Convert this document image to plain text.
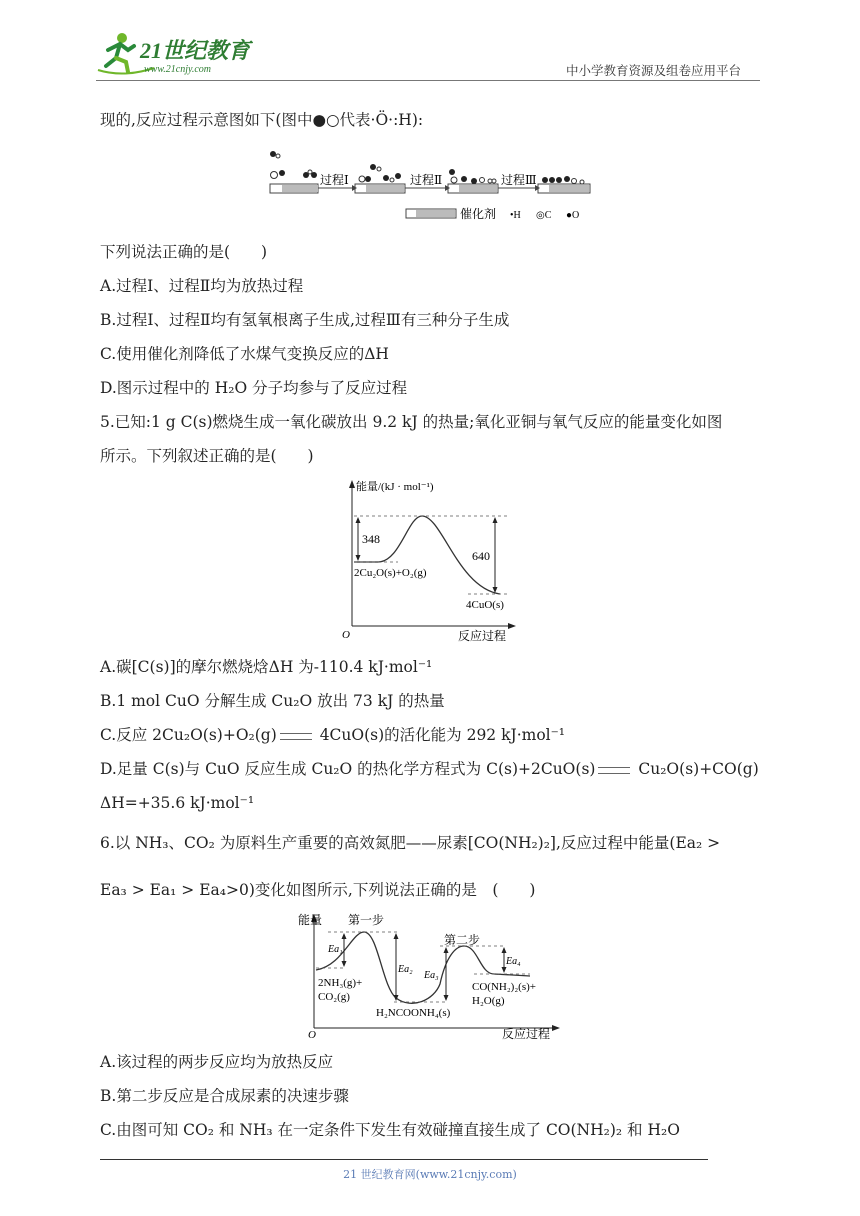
21世纪教育
www.21cnjy.com	中小学教育资源及组卷应用平台
现的,反应过程示意图如下(图中●○代表·Ö·:H):
过程Ⅰ	过程Ⅱ	过程Ⅲ
催化剂 •H ◎C ●O
下列说法正确的是(　　)
A.过程Ⅰ、过程Ⅱ均为放热过程
B.过程Ⅰ、过程Ⅱ均有氢氧根离子生成,过程Ⅲ有三种分子生成
C.使用催化剂降低了水煤气变换反应的ΔH
D.图示过程中的 H₂O 分子均参与了反应过程
5.已知:1 g C(s)燃烧生成一氧化碳放出 9.2 kJ 的热量;氧化亚铜与氧气反应的能量变化如图
所示。下列叙述正确的是(　　)
能量/(kJ · mol⁻¹)
O	反应过程
348
640
2Cu₂O(s)+O₂(g)
4CuO(s)
A.碳[C(s)]的摩尔燃烧焓ΔH 为-110.4 kJ·mol⁻¹
B.1 mol CuO 分解生成 Cu₂O 放出 73 kJ 的热量
C.反应 2Cu₂O(s)+O₂(g) 4CuO(s)的活化能为 292 kJ·mol⁻¹
D.足量 C(s)与 CuO 反应生成 Cu₂O 的热化学方程式为 C(s)+2CuO(s) Cu₂O(s)+CO(g)
ΔH=+35.6 kJ·mol⁻¹
6.以 NH₃、CO₂ 为原料生产重要的高效氮肥——尿素[CO(NH₂)₂],反应过程中能量(Ea₂ >
Ea₃ > Ea₁ > Ea₄>0)变化如图所示,下列说法正确的是　(　　)
能量
O	反应过程
第一步
第二步
Ea₁
Ea₂
Ea₃
Ea₄
2NH₃(g)+
CO₂(g)
H₂NCOONH₄(s)
CO(NH₂)₂(s)+
H₂O(g)
A.该过程的两步反应均为放热反应
B.第二步反应是合成尿素的决速步骤
C.由图可知 CO₂ 和 NH₃ 在一定条件下发生有效碰撞直接生成了 CO(NH₂)₂ 和 H₂O
21 世纪教育网(www.21cnjy.com)
